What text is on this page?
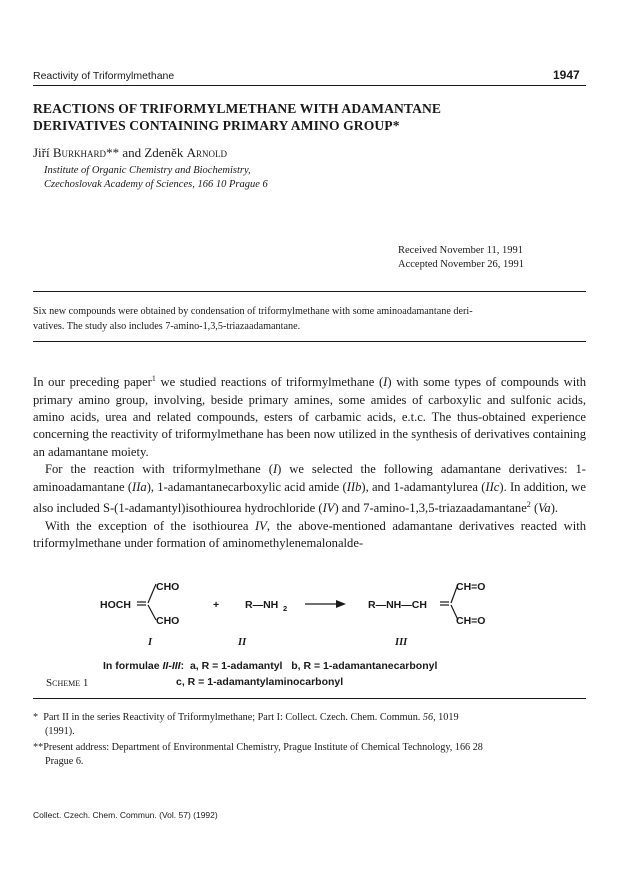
Reactivity of Triformylmethane	1947
REACTIONS OF TRIFORMYLMETHANE WITH ADAMANTANE
DERIVATIVES CONTAINING PRIMARY AMINO GROUP*
Jiří Burkhard** and Zdeněk Arnold
Institute of Organic Chemistry and Biochemistry,
Czechoslovak Academy of Sciences, 166 10 Prague 6
Received November 11, 1991
Accepted November 26, 1991
Six new compounds were obtained by condensation of triformylmethane with some aminoadamantane deri-
vatives. The study also includes 7-amino-1,3,5-triazaadamantane.

In our preceding paper$^1$ we studied reactions of triformylmethane (I) with some types of compounds with primary amino group, involving, beside primary amines, some amides of carboxylic and sulfonic acids, amino acids, urea and related compounds, esters of carbamic acids, e.t.c. The thus-obtained experience concerning the reactivity of triformylmethane has been now utilized in the synthesis of derivatives containing an adamantane moiety.

For the reaction with triformylmethane (I) we selected the following adamantane derivatives: 1-aminoadamantane (IIa), 1-adamantanecarboxylic acid amide (IIb), and 1-adamantylurea (IIc). In addition, we also included S-(1-adamantyl)isothiourea hydrochloride (IV) and 7-amino-1,3,5-triazaadamantane$^2$ (Va).

With the exception of the isothiourea IV, the above-mentioned adamantane derivatives reacted with triformylmethane under formation of aminomethylenemalonalde-

CHO
HOCH
CHO
+ R—NH 2	R—NH—CH
CH=O
CH=O
I	II	III
In formulae II-III:  a, R = 1-adamantyl b, R = 1-adamantanecarbonyl
Scheme 1	c, R = 1-adamantylaminocarbonyl
* Part II in the series Reactivity of Triformylmethane; Part I: Collect. Czech. Chem. Commun. 56, 1019
(1991).
**Present address: Department of Environmental Chemistry, Prague Institute of Chemical Technology, 166 28
Prague 6.
Collect. Czech. Chem. Commun. (Vol. 57) (1992)
